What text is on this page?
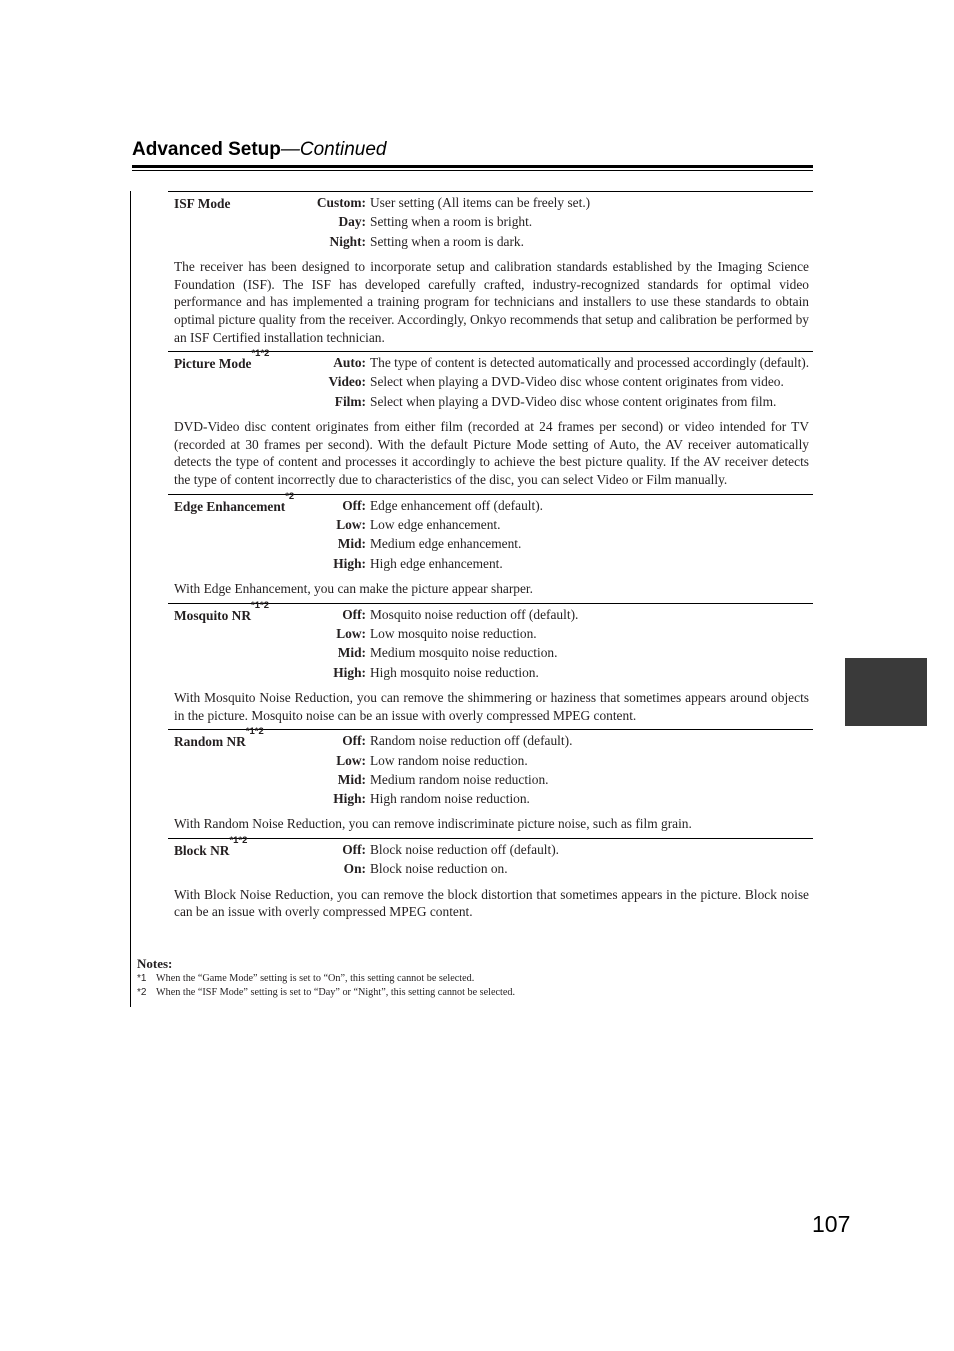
Advanced Setup—Continued
ISF Mode	Custom: User setting (All items can be freely set.)
Day: Setting when a room is bright.
Night: Setting when a room is dark.
The receiver has been designed to incorporate setup and calibration standards established by the Imaging Science Foundation (ISF). The ISF has developed carefully crafted, industry-recognized standards for optimal video performance and has implemented a training program for technicians and installers to use these standards to obtain optimal picture quality from the receiver. Accordingly, Onkyo recommends that setup and calibration be performed by an ISF Certified installation technician.
Picture Mode$^{*1*2}$
Auto: The type of content is detected automatically and processed accordingly (default).
Video: Select when playing a DVD-Video disc whose content originates from video.
Film: Select when playing a DVD-Video disc whose content originates from film.
DVD-Video disc content originates from either film (recorded at 24 frames per second) or video intended for TV (recorded at 30 frames per second). With the default Picture Mode setting of Auto, the AV receiver automatically detects the type of content and processes it accordingly to achieve the best picture quality. If the AV receiver detects the type of content incorrectly due to characteristics of the disc, you can select Video or Film manually.
Edge Enhancement$^{*2}$
Off: Edge enhancement off (default).
Low: Low edge enhancement.
Mid: Medium edge enhancement.
High: High edge enhancement.
With Edge Enhancement, you can make the picture appear sharper.
Mosquito $NR^{*1*2}$
Off: Mosquito noise reduction off (default).
Low: Low mosquito noise reduction.
Mid: Medium mosquito noise reduction.
High: High mosquito noise reduction.
With Mosquito Noise Reduction, you can remove the shimmering or haziness that sometimes appears around objects in the picture. Mosquito noise can be an issue with overly compressed MPEG content.
Random $NR^{*1*2}$
Off: Random noise reduction off (default).
Low: Low random noise reduction.
Mid: Medium random noise reduction.
High: High random noise reduction.
With Random Noise Reduction, you can remove indiscriminate picture noise, such as film grain.
Block $NR^{*1*2}$
Off: Block noise reduction off (default).
On: Block noise reduction on.
With Block Noise Reduction, you can remove the block distortion that sometimes appears in the picture. Block noise can be an issue with overly compressed MPEG content.
Notes:
*1 When the “Game Mode” setting is set to “On”, this setting cannot be selected.
*2 When the “ISF Mode” setting is set to “Day” or “Night”, this setting cannot be selected.
107
